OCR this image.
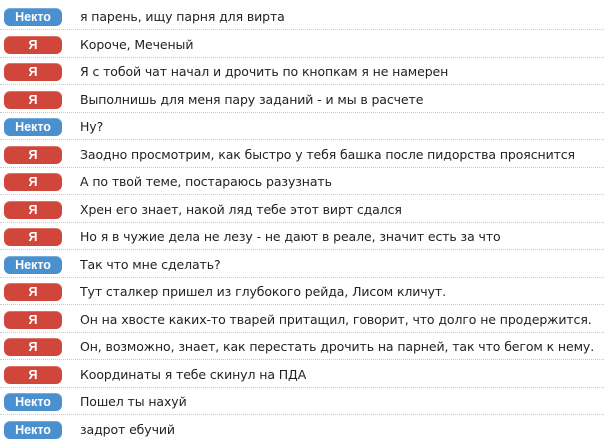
Некто	я парень, ищу парня для вирта
Я	Короче, Меченый
Я	Я с тобой чат начал и дрочить по кнопкам я не намерен
Я	Выполнишь для меня пару заданий - и мы в расчете
Некто	Ну?
Я	Заодно просмотрим, как быстро у тебя башка после пидорства прояснится
Я	А по твой теме, постараюсь разузнать
Я	Хрен его знает, накой ляд тебе этот вирт сдался
Я	Но я в чужие дела не лезу - не дают в реале, значит есть за что
Некто	Так что мне сделать?
Я	Тут сталкер пришел из глубокого рейда, Лисом кличут.
Я	Он на хвосте каких-то тварей притащил, говорит, что долго не продержится.
Я	Он, возможно, знает, как перестать дрочить на парней, так что бегом к нему.
Я	Координаты я тебе скинул на ПДА
Некто	Пошел ты нахуй
Некто	задрот ебучий
